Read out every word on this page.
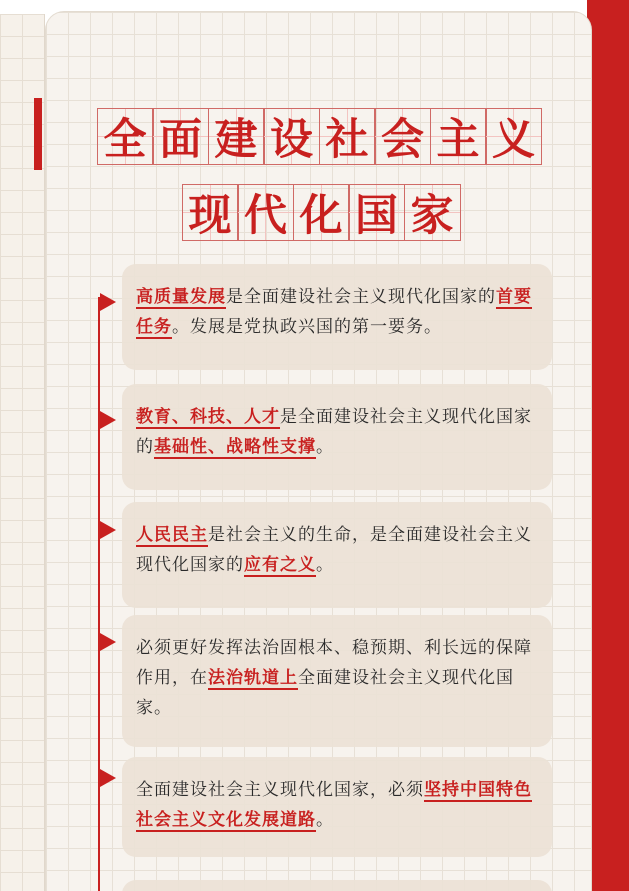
全 面 建 设 社 会 主 义
现 代 化 国 家

高质量发展是全面建设社会主义现代化国家的首要任务。发展是党执政兴国的第一要务。

教育、科技、人才是全面建设社会主义现代化国家的基础性、战略性支撑。

人民民主是社会主义的生命，是全面建设社会主义现代化国家的应有之义。

必须更好发挥法治固根本、稳预期、利长远的保障作用，在法治轨道上全面建设社会主义现代化国家。

全面建设社会主义现代化国家，必须坚持中国特色社会主义文化发展道路。
